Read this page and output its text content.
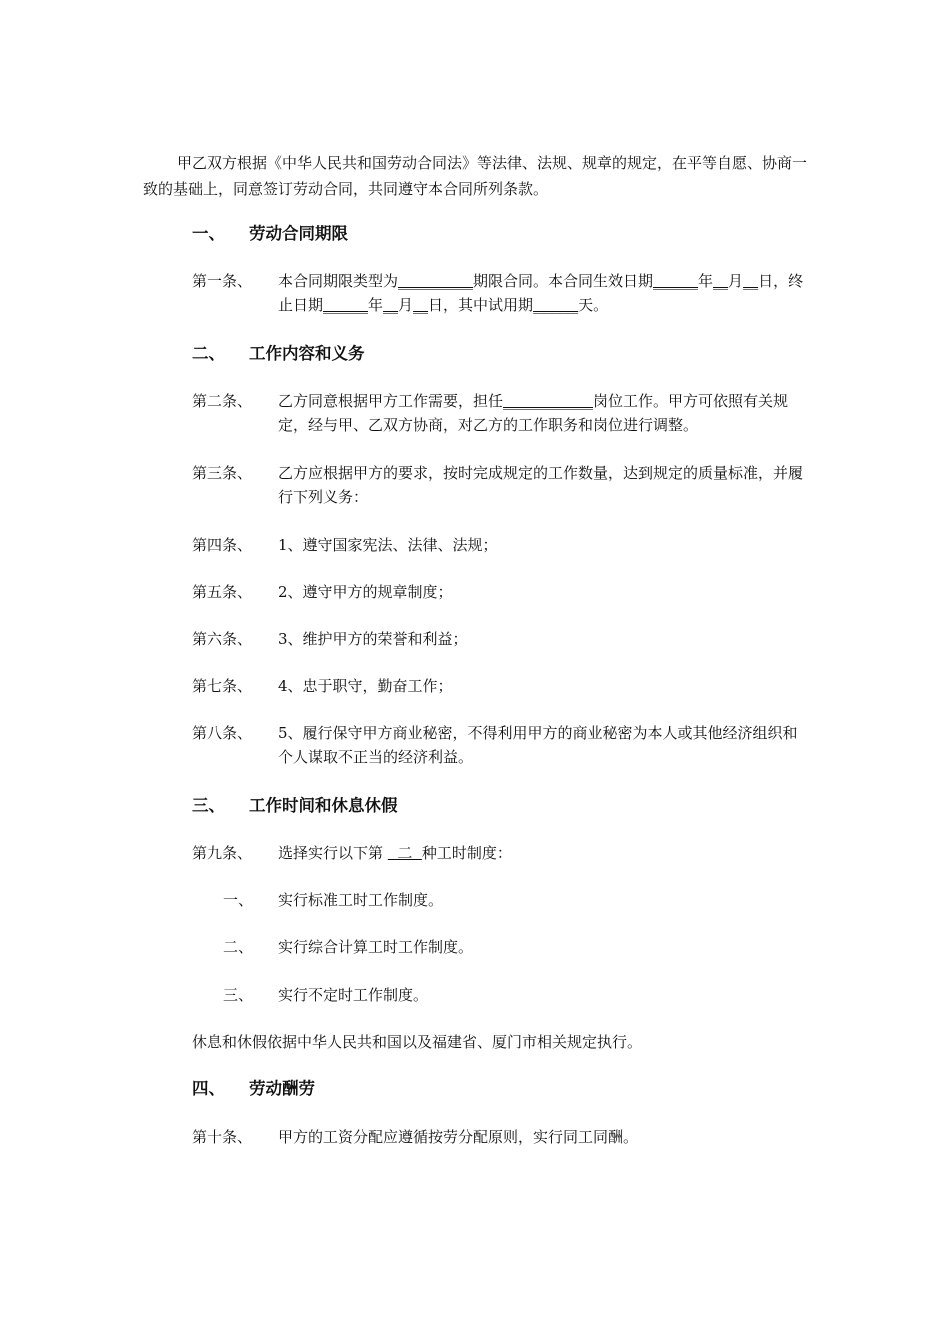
甲乙双方根据《中华人民共和国劳动合同法》等法律、法规、规章的规定，在平等自愿、协商一致的基础上，同意签订劳动合同，共同遵守本合同所列条款。

一、 劳动合同期限

第一条、	本合同期限类型为__________期限合同。本合同生效日期______年__月__日，终止日期______年__月__日，其中试用期______天。

二、 工作内容和义务

第二条、	乙方同意根据甲方工作需要，担任____________岗位工作。甲方可依照有关规定，经与甲、乙双方协商，对乙方的工作职务和岗位进行调整。
第三条、	乙方应根据甲方的要求，按时完成规定的工作数量，达到规定的质量标准，并履行下列义务：
第四条、	1、遵守国家宪法、法律、法规；
第五条、	2、遵守甲方的规章制度；
第六条、	3、维护甲方的荣誉和利益；
第七条、	4、忠于职守，勤奋工作；
第八条、	5、履行保守甲方商业秘密，不得利用甲方的商业秘密为本人或其他经济组织和个人谋取不正当的经济利益。

三、 工作时间和休息休假

第九条、	选择实行以下第   二  种工时制度：

一、 实行标准工时工作制度。

二、 实行综合计算工时工作制度。

三、 实行不定时工作制度。

休息和休假依据中华人民共和国以及福建省、厦门市相关规定执行。

四、 劳动酬劳

第十条、	甲方的工资分配应遵循按劳分配原则，实行同工同酬。
